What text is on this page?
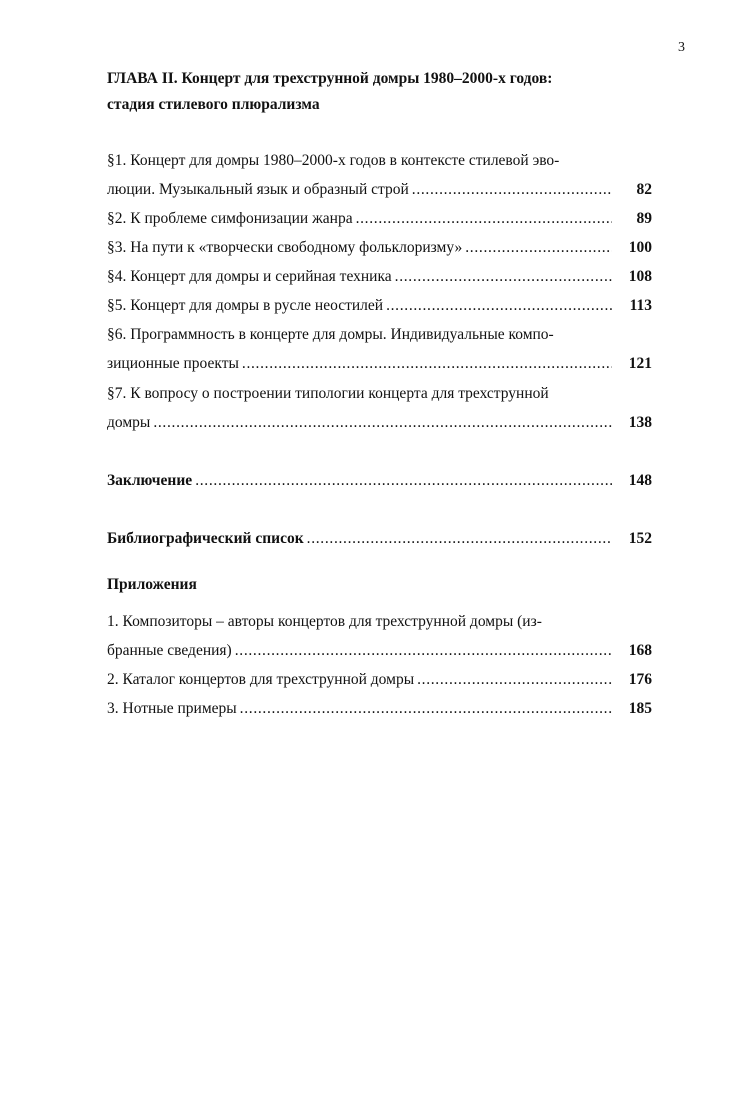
3
ГЛАВА II. Концерт для трехструнной домры 1980–2000-х годов:
стадия стилевого плюрализма
§1. Концерт для домры 1980–2000-х годов в контексте стилевой эво-
люции. Музыкальный язык и образный строй . . .	82
§2. К проблеме симфонизации жанра . . .	89
§3. На пути к «творчески свободному фольклоризму» . . .	100
§4. Концерт для домры и серийная техника . . .	108
§5. Концерт для домры в русле неостилей . . .	113
§6. Программность в концерте для домры. Индивидуальные компо-
зиционные проекты . . .	121
§7. К вопросу о построении типологии концерта для трехструнной
домры . . .	138
Заключение . . .	148
Библиографический список . . .	152
Приложения
1. Композиторы – авторы концертов для трехструнной домры (из-
бранные сведения) . . .	168
2. Каталог концертов для трехструнной домры . . .	176
3. Нотные примеры . . .	185
